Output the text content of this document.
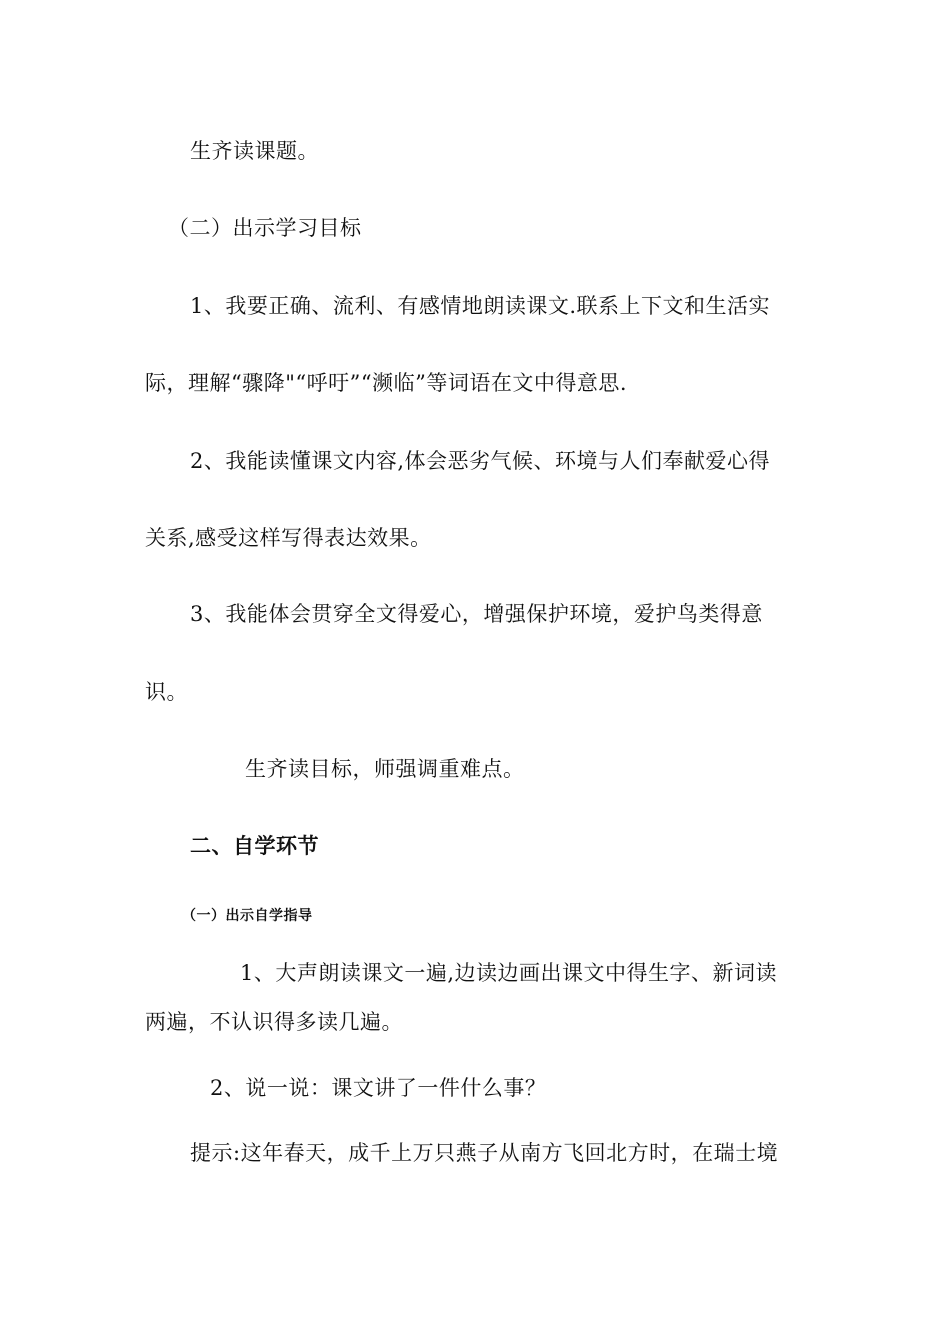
生齐读课题。
（二）出示学习目标
1、我要正确、流利、有感情地朗读课文.联系上下文和生活实
际，理解“骤降"“呼吁”“濒临”等词语在文中得意思.
2、我能读懂课文内容,体会恶劣气候、环境与人们奉献爱心得
关系,感受这样写得表达效果。
3、我能体会贯穿全文得爱心，增强保护环境，爱护鸟类得意
识。
生齐读目标，师强调重难点。
二、自学环节
（一）出示自学指导
1、大声朗读课文一遍,边读边画出课文中得生字、新词读
两遍，不认识得多读几遍。
2、说一说：课文讲了一件什么事？
提示:这年春天，成千上万只燕子从南方飞回北方时，在瑞士境
